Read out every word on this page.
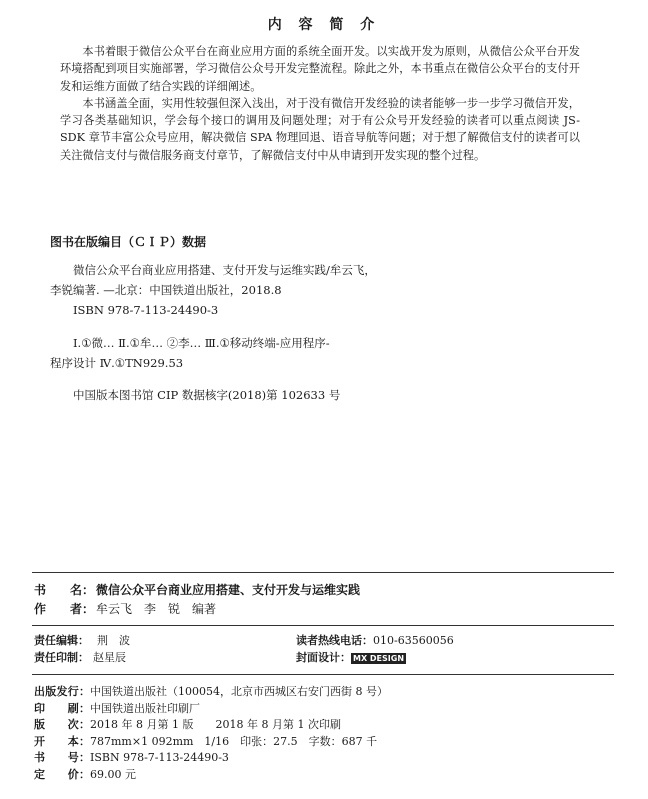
内 容 简 介

本书着眼于微信公众平台在商业应用方面的系统全面开发。以实战开发为原则，从微信公众平台开发环境搭配到项目实施部署，学习微信公众号开发完整流程。除此之外，本书重点在微信公众平台的支付开发和运维方面做了结合实践的详细阐述。

本书涵盖全面，实用性较强但深入浅出，对于没有微信开发经验的读者能够一步一步学习微信开发，学习各类基础知识，学会每个接口的调用及问题处理；对于有公众号开发经验的读者可以重点阅读 JS-SDK 章节丰富公众号应用，解决微信 SPA 物理回退、语音导航等问题；对于想了解微信支付的读者可以关注微信支付与微信服务商支付章节，了解微信支付中从申请到开发实现的整个过程。

图书在版编目（ＣＩＰ）数据
微信公众平台商业应用搭建、支付开发与运维实践/牟云飞，
李锐编著. —北京：中国铁道出版社，2018.8
ISBN 978-7-113-24490-3
Ⅰ.①微… Ⅱ.①牟… ②李… Ⅲ.①移动终端-应用程序-
程序设计 Ⅳ.①TN929.53
中国版本图书馆 CIP 数据核字(2018)第 102633 号
书　　名： 微信公众平台商业应用搭建、支付开发与运维实践
作　　者： 牟云飞　李　锐　编著
责任编辑： 荆　波
责任印制： 赵星辰
读者热线电话：010-63560056
封面设计： MX DESIGN
出版发行：中国铁道出版社（100054，北京市西城区右安门西街 8 号）
印　　刷：中国铁道出版社印刷厂
版　　次：2018 年 8 月第 1 版　　2018 年 8 月第 1 次印刷
开　　本：787mm×1 092mm　1/16　印张：27.5　字数：687 千
书　　号：ISBN 978-7-113-24490-3
定　　价：69.00 元
